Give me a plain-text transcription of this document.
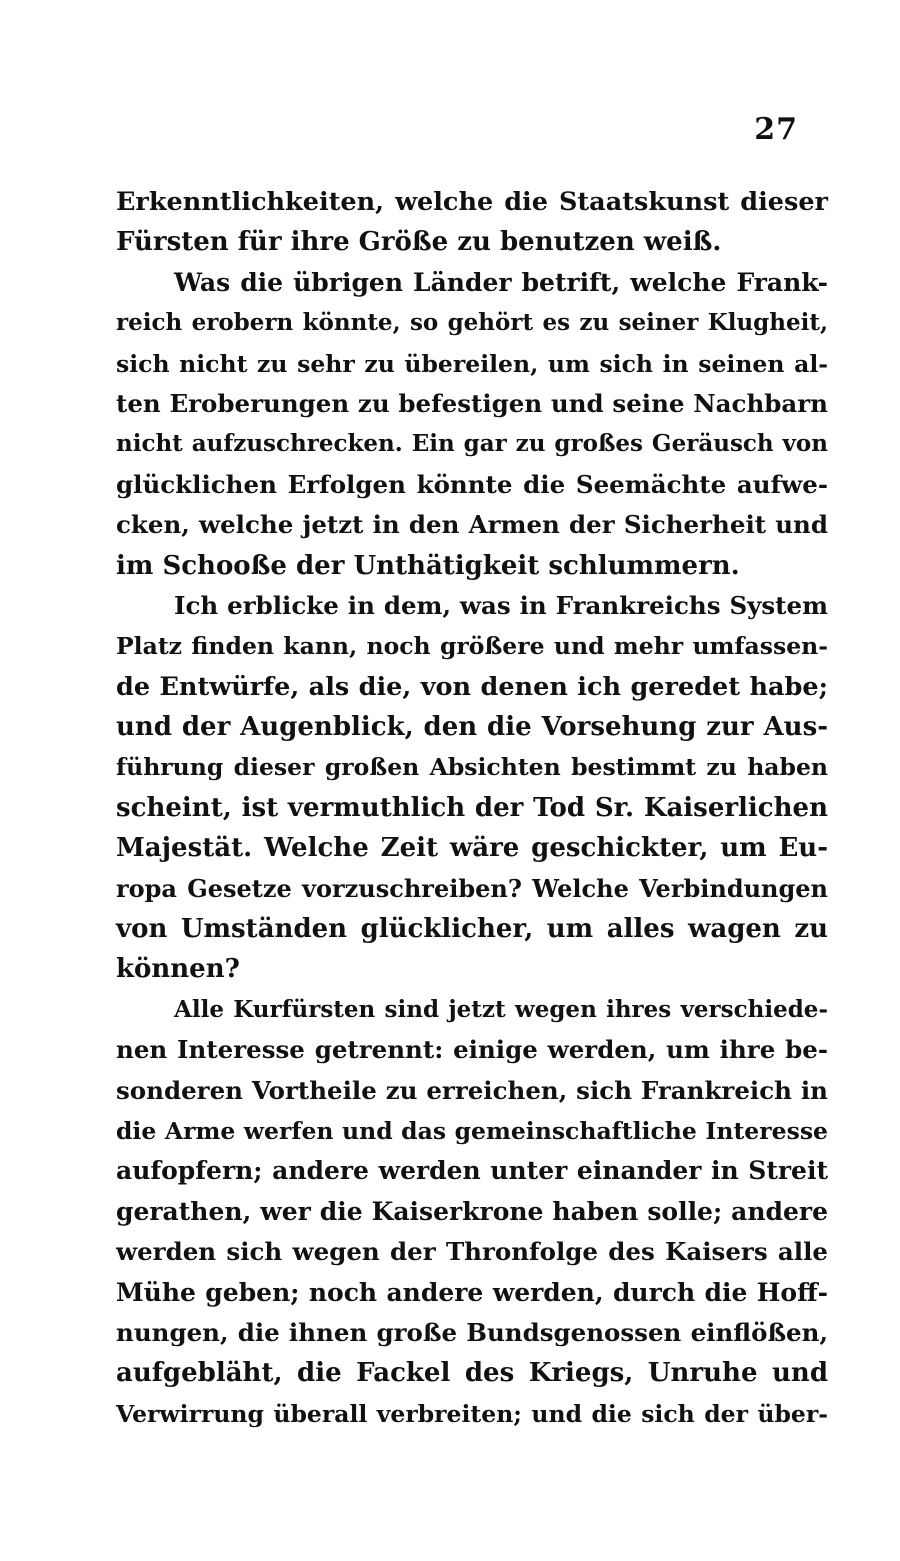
27
Erkenntlichkeiten, welche die Staatskunst dieser
Fürsten für ihre Größe zu benutzen weiß.
Was die übrigen Länder betrift, welche Frank-
reich erobern könnte, so gehört es zu seiner Klugheit,
sich nicht zu sehr zu übereilen, um sich in seinen al-
ten Eroberungen zu befestigen und seine Nachbarn
nicht aufzuschrecken. Ein gar zu großes Geräusch von
glücklichen Erfolgen könnte die Seemächte aufwe-
cken, welche jetzt in den Armen der Sicherheit und
im Schooße der Unthätigkeit schlummern.
Ich erblicke in dem, was in Frankreichs System
Platz finden kann, noch größere und mehr umfassen-
de Entwürfe, als die, von denen ich geredet habe;
und der Augenblick, den die Vorsehung zur Aus-
führung dieser großen Absichten bestimmt zu haben
scheint, ist vermuthlich der Tod Sr. Kaiserlichen
Majestät. Welche Zeit wäre geschickter, um Eu-
ropa Gesetze vorzuschreiben? Welche Verbindungen
von Umständen glücklicher, um alles wagen zu
können?
Alle Kurfürsten sind jetzt wegen ihres verschiede-
nen Interesse getrennt: einige werden, um ihre be-
sonderen Vortheile zu erreichen, sich Frankreich in
die Arme werfen und das gemeinschaftliche Interesse
aufopfern; andere werden unter einander in Streit
gerathen, wer die Kaiserkrone haben solle; andere
werden sich wegen der Thronfolge des Kaisers alle
Mühe geben; noch andere werden, durch die Hoff-
nungen, die ihnen große Bundsgenossen einflößen,
aufgebläht, die Fackel des Kriegs, Unruhe und
Verwirrung überall verbreiten; und die sich der über-
